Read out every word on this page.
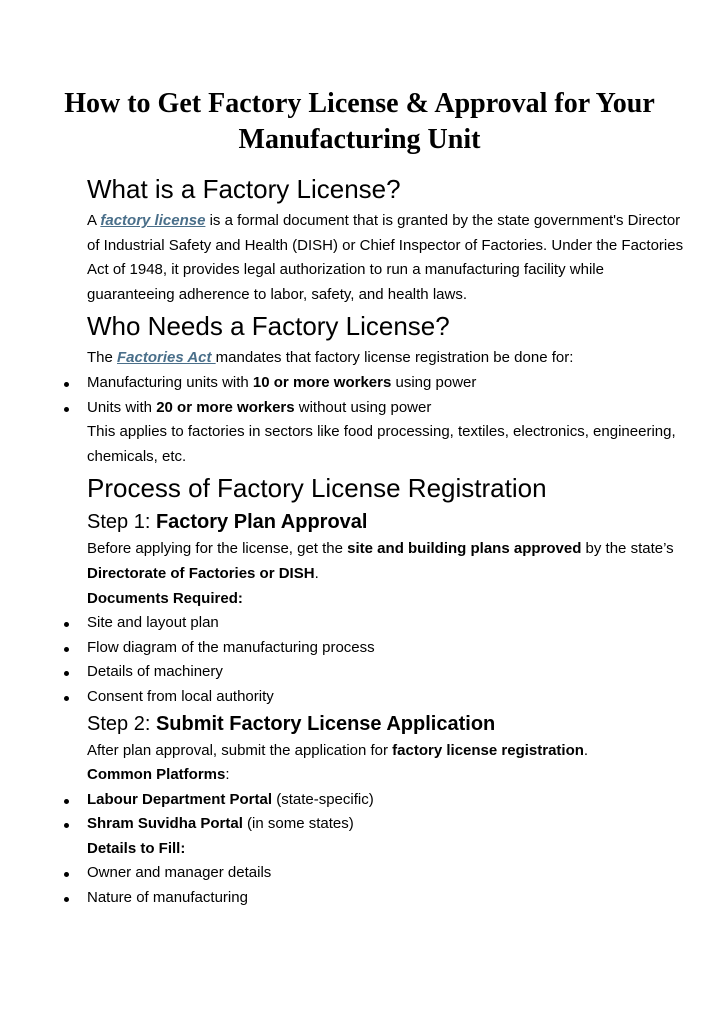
How to Get Factory License & Approval for Your Manufacturing Unit
What is a Factory License?

A factory license is a formal document that is granted by the state government's Director of Industrial Safety and Health (DISH) or Chief Inspector of Factories. Under the Factories Act of 1948, it provides legal authorization to run a manufacturing facility while guaranteeing adherence to labor, safety, and health laws.

Who Needs a Factory License?

The Factories Act mandates that factory license registration be done for:

Manufacturing units with 10 or more workers using power
Units with 20 or more workers without using power

This applies to factories in sectors like food processing, textiles, electronics, engineering, chemicals, etc.

Process of Factory License Registration
Step 1: Factory Plan Approval

Before applying for the license, get the site and building plans approved by the state’s Directorate of Factories or DISH.

Documents Required:

Site and layout plan
Flow diagram of the manufacturing process
Details of machinery
Consent from local authority
Step 2: Submit Factory License Application

After plan approval, submit the application for factory license registration.

Common Platforms:

Labour Department Portal (state-specific)
Shram Suvidha Portal (in some states)

Details to Fill:

Owner and manager details
Nature of manufacturing
